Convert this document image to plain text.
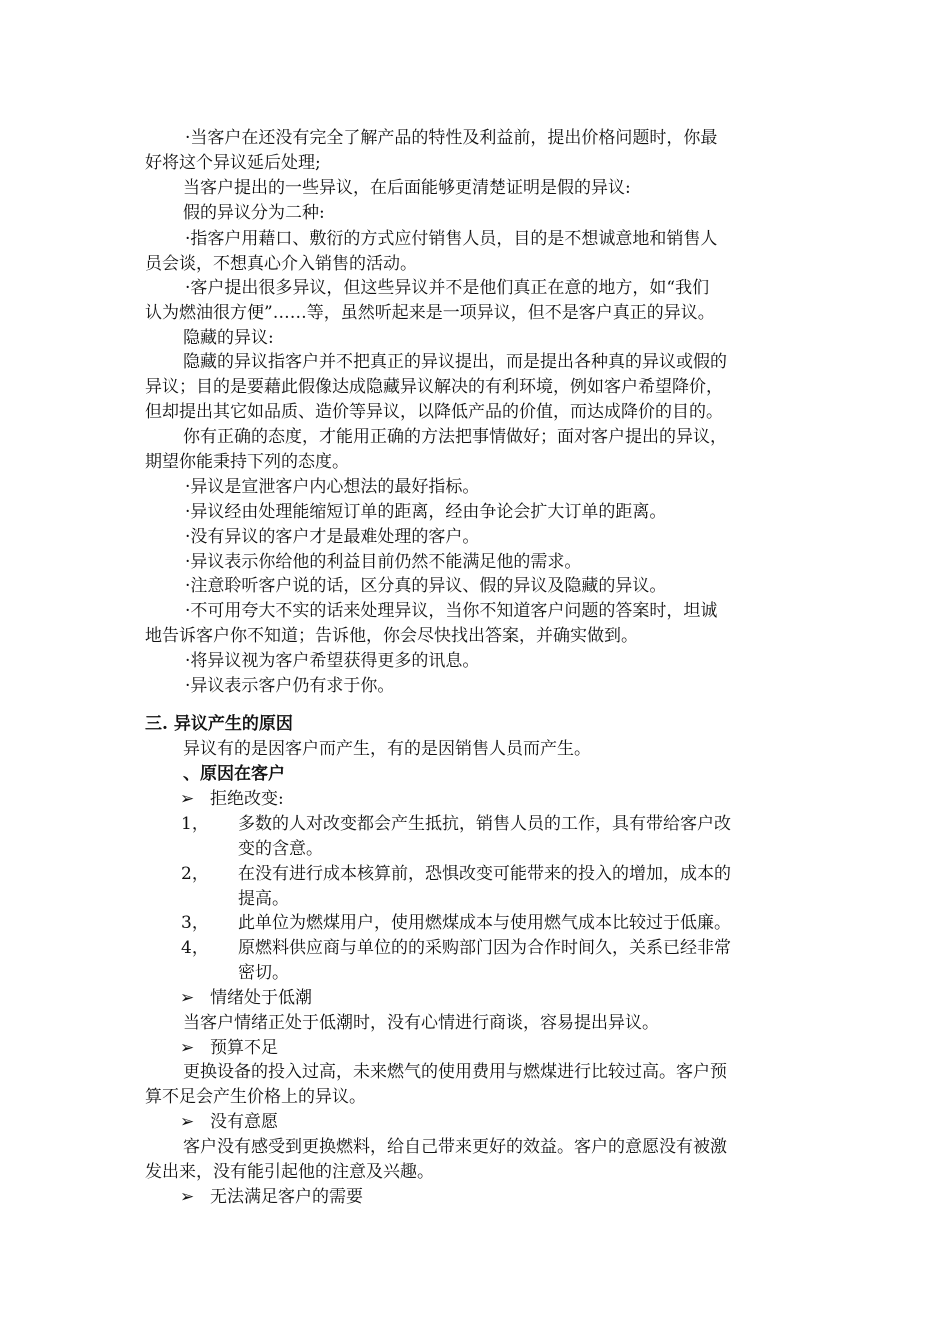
·当客户在还没有完全了解产品的特性及利益前，提出价格问题时，你最
好将这个异议延后处理;
当客户提出的一些异议，在后面能够更清楚证明是假的异议:
假的异议分为二种:
·指客户用藉口、敷衍的方式应付销售人员，目的是不想诚意地和销售人
员会谈，不想真心介入销售的活动。
·客户提出很多异议，但这些异议并不是他们真正在意的地方，如“我们
认为燃油很方便”……等，虽然听起来是一项异议，但不是客户真正的异议。
隐藏的异议:
隐藏的异议指客户并不把真正的异议提出，而是提出各种真的异议或假的
异议；目的是要藉此假像达成隐藏异议解决的有利环境，例如客户希望降价，
但却提出其它如品质、造价等异议，以降低产品的价值，而达成降价的目的。
你有正确的态度，才能用正确的方法把事情做好；面对客户提出的异议，
期望你能秉持下列的态度。
·异议是宣泄客户内心想法的最好指标。
·异议经由处理能缩短订单的距离，经由争论会扩大订单的距离。
·没有异议的客户才是最难处理的客户。
·异议表示你给他的利益目前仍然不能满足他的需求。
·注意聆听客户说的话，区分真的异议、假的异议及隐藏的异议。
·不可用夸大不实的话来处理异议，当你不知道客户问题的答案时，坦诚
地告诉客户你不知道；告诉他，你会尽快找出答案，并确实做到。
·将异议视为客户希望获得更多的讯息。
·异议表示客户仍有求于你。
三. 异议产生的原因
异议有的是因客户而产生，有的是因销售人员而产生。
、原因在客户
➢ 拒绝改变:
1，	多数的人对改变都会产生抵抗，销售人员的工作，具有带给客户改
变的含意。
2，	在没有进行成本核算前，恐惧改变可能带来的投入的增加，成本的
提高。
3，	此单位为燃煤用户，使用燃煤成本与使用燃气成本比较过于低廉。
4，	原燃料供应商与单位的的采购部门因为合作时间久，关系已经非常
密切。
➢ 情绪处于低潮
当客户情绪正处于低潮时，没有心情进行商谈，容易提出异议。
➢ 预算不足
更换设备的投入过高，未来燃气的使用费用与燃煤进行比较过高。客户预
算不足会产生价格上的异议。
➢ 没有意愿
客户没有感受到更换燃料，给自己带来更好的效益。客户的意愿没有被激
发出来，没有能引起他的注意及兴趣。
➢ 无法满足客户的需要
